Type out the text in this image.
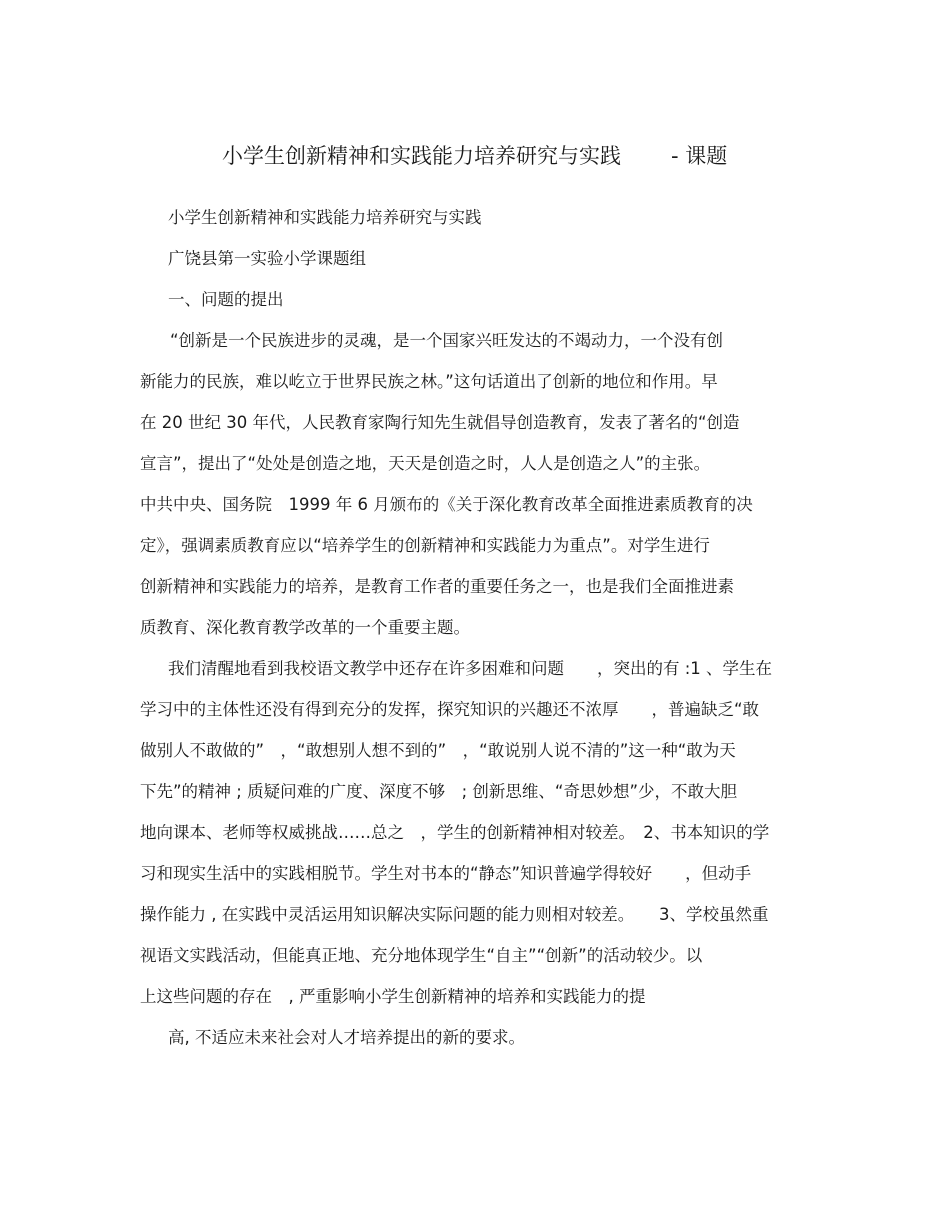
小学生创新精神和实践能力培养研究与实践 - 课题
小学生创新精神和实践能力培养研究与实践
广饶县第一实验小学课题组
一、问题的提出
“创新是一个民族进步的灵魂，是一个国家兴旺发达的不竭动力，一个没有创
新能力的民族，难以屹立于世界民族之林。”这句话道出了创新的地位和作用。早
在 20 世纪 30 年代，人民教育家陶行知先生就倡导创造教育，发表了著名的“创造
宣言”，提出了“处处是创造之地，天天是创造之时，人人是创造之人”的主张。
中共中央、国务院　1999 年 6 月颁布的《关于深化教育改革全面推进素质教育的决
定》，强调素质教育应以“培养学生的创新精神和实践能力为重点”。对学生进行
创新精神和实践能力的培养，是教育工作者的重要任务之一，也是我们全面推进素
质教育、深化教育教学改革的一个重要主题。
我们清醒地看到我校语文教学中还存在许多困难和问题　　，突出的有 :1 、学生在
学习中的主体性还没有得到充分的发挥，探究知识的兴趣还不浓厚　　，普遍缺乏“敢
做别人不敢做的”　，“敢想别人想不到的”　，“敢说别人说不清的”这一种“敢为天
下先”的精神 ; 质疑问难的广度、深度不够　; 创新思维、“奇思妙想”少，不敢大胆
地向课本、老师等权威挑战……总之　，学生的创新精神相对较差。　2、书本知识的学
习和现实生活中的实践相脱节。学生对书本的“静态”知识普遍学得较好　　，但动手
操作能力 , 在实践中灵活运用知识解决实际问题的能力则相对较差。　　3、学校虽然重
视语文实践活动，但能真正地、充分地体现学生“自主”“创新”的活动较少。以
上这些问题的存在　, 严重影响小学生创新精神的培养和实践能力的提
高, 不适应未来社会对人才培养提出的新的要求。
